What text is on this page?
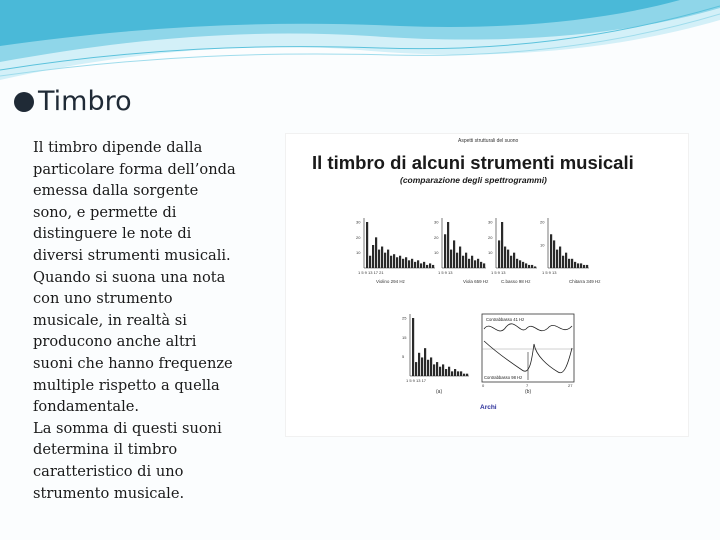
Timbro

Il timbro dipende dalla

particolare forma dell’onda

emessa dalla sorgente

sono, e permette di

distinguere le note di

diversi strumenti musicali.

Quando si suona una nota

con uno strumento

musicale, in realtà si

producono anche altri

suoni che hanno frequenze

multiple rispetto a quella

fondamentale.

La somma di questi suoni

determina il timbro

caratteristico di uno

strumento musicale.

Aspetti strutturali del suono
Il timbro di alcuni strumenti musicali
(comparazione degli spettrogrammi)
Violino 294 Hz
1 5 9 13 17 21
30
20
10
Viola 659 Hz
1 5 9 13
30
20
10
C.basso 98 Hz
1 5 9 13
30
20
10
Chitarra 349 Hz
1 5 9 13
20
10
1 5 9 13 17
(a)
25
15
5
Contrabbasso 41 Hz
Contrabbasso 98 Hz
0	7	27
(b)
Archi
